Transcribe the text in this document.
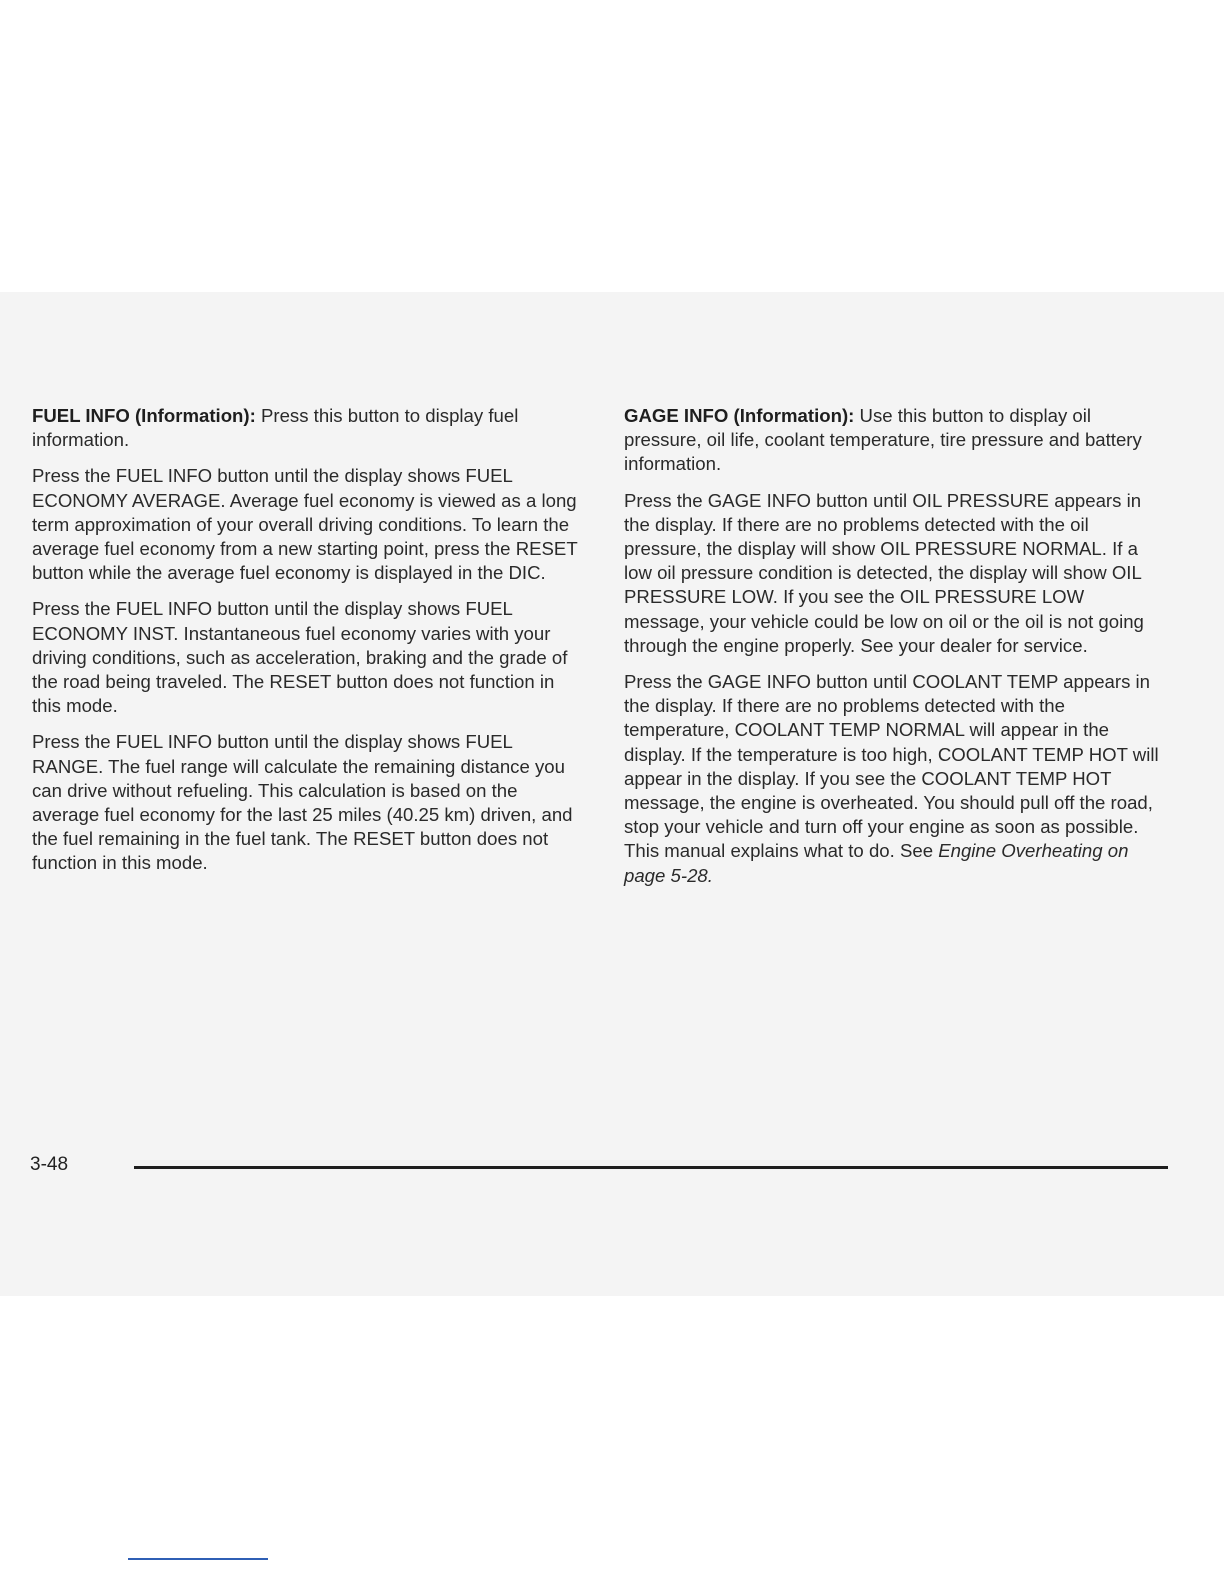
FUEL INFO (Information): Press this button to display fuel information.

Press the FUEL INFO button until the display shows FUEL ECONOMY AVERAGE. Average fuel economy is viewed as a long term approximation of your overall driving conditions. To learn the average fuel economy from a new starting point, press the RESET button while the average fuel economy is displayed in the DIC.

Press the FUEL INFO button until the display shows FUEL ECONOMY INST. Instantaneous fuel economy varies with your driving conditions, such as acceleration, braking and the grade of the road being traveled. The RESET button does not function in this mode.

Press the FUEL INFO button until the display shows FUEL RANGE. The fuel range will calculate the remaining distance you can drive without refueling. This calculation is based on the average fuel economy for the last 25 miles (40.25 km) driven, and the fuel remaining in the fuel tank. The RESET button does not function in this mode.

GAGE INFO (Information): Use this button to display oil pressure, oil life, coolant temperature, tire pressure and battery information.

Press the GAGE INFO button until OIL PRESSURE appears in the display. If there are no problems detected with the oil pressure, the display will show OIL PRESSURE NORMAL. If a low oil pressure condition is detected, the display will show OIL PRESSURE LOW. If you see the OIL PRESSURE LOW message, your vehicle could be low on oil or the oil is not going through the engine properly. See your dealer for service.

Press the GAGE INFO button until COOLANT TEMP appears in the display. If there are no problems detected with the temperature, COOLANT TEMP NORMAL will appear in the display. If the temperature is too high, COOLANT TEMP HOT will appear in the display. If you see the COOLANT TEMP HOT message, the engine is overheated. You should pull off the road, stop your vehicle and turn off your engine as soon as possible. This manual explains what to do. See Engine Overheating on page 5-28.

3-48
